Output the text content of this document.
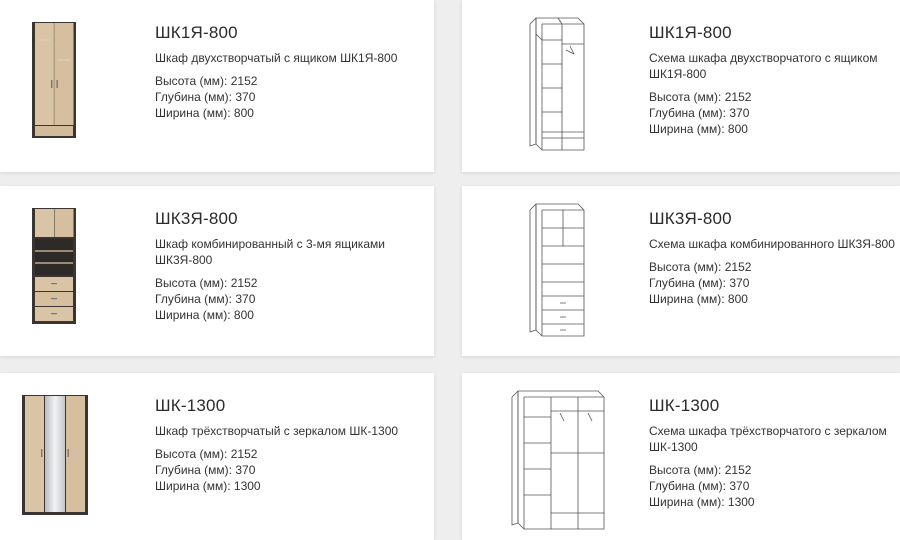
ШК1Я-800
Шкаф двухстворчатый с ящиком ШК1Я-800
Высота (мм): 2152
Глубина (мм): 370
Ширина (мм): 800
ШК1Я-800
Схема шкафа двухстворчатого с ящиком ШК1Я-800
Высота (мм): 2152
Глубина (мм): 370
Ширина (мм): 800
ШК3Я-800
Шкаф комбинированный с 3-мя ящиками ШК3Я-800
Высота (мм): 2152
Глубина (мм): 370
Ширина (мм): 800
ШК3Я-800
Схема шкафа комбинированного ШК3Я-800
Высота (мм): 2152
Глубина (мм): 370
Ширина (мм): 800
ШК-1300
Шкаф трёхстворчатый с зеркалом ШК-1300
Высота (мм): 2152
Глубина (мм): 370
Ширина (мм): 1300
ШК-1300
Схема шкафа трёхстворчатого с зеркалом ШК-1300
Высота (мм): 2152
Глубина (мм): 370
Ширина (мм): 1300
